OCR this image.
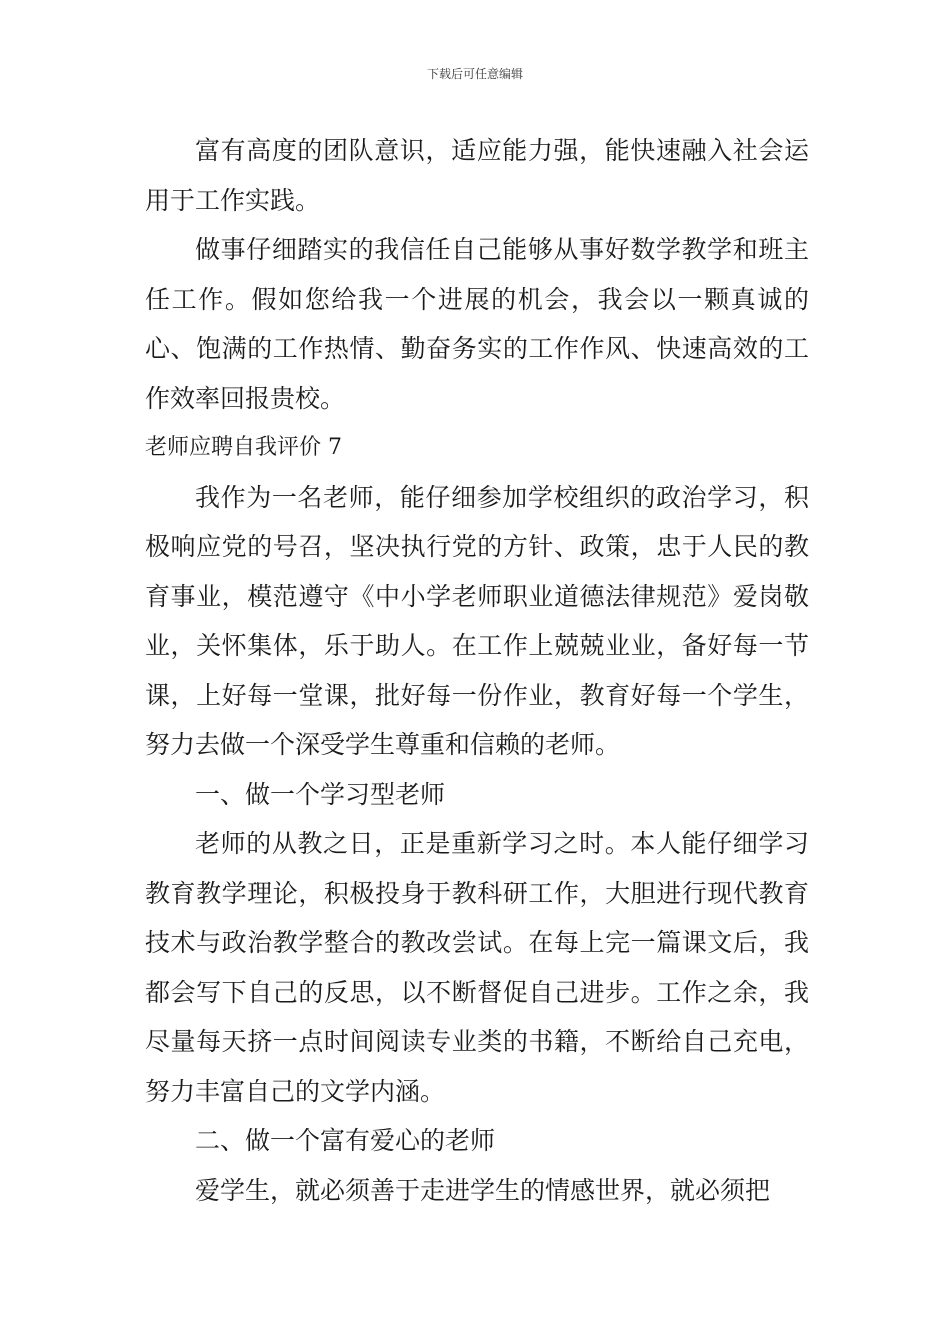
下载后可任意编辑

富有高度的团队意识，适应能力强，能快速融入社会运用于工作实践。

做事仔细踏实的我信任自己能够从事好数学教学和班主任工作。假如您给我一个进展的机会，我会以一颗真诚的心、饱满的工作热情、勤奋务实的工作作风、快速高效的工作效率回报贵校。

老师应聘自我评价 7

我作为一名老师，能仔细参加学校组织的政治学习，积极响应党的号召，坚决执行党的方针、政策，忠于人民的教育事业，模范遵守《中小学老师职业道德法律规范》爱岗敬业，关怀集体，乐于助人。在工作上兢兢业业，备好每一节课，上好每一堂课，批好每一份作业，教育好每一个学生，努力去做一个深受学生尊重和信赖的老师。

一、做一个学习型老师

老师的从教之日，正是重新学习之时。本人能仔细学习教育教学理论，积极投身于教科研工作，大胆进行现代教育技术与政治教学整合的教改尝试。在每上完一篇课文后，我都会写下自己的反思，以不断督促自己进步。工作之余，我尽量每天挤一点时间阅读专业类的书籍，不断给自己充电，努力丰富自己的文学内涵。

二、做一个富有爱心的老师

爱学生，就必须善于走进学生的情感世界，就必须把
